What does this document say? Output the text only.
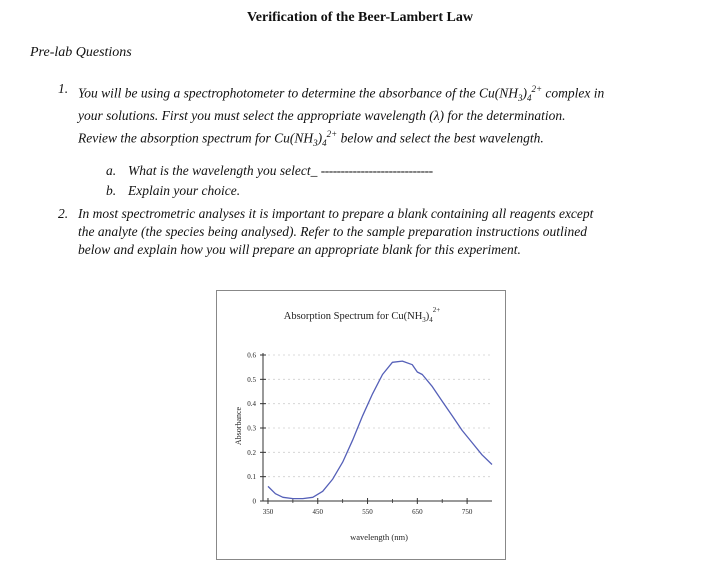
Verification of the Beer-Lambert Law
Pre-lab Questions
1. You will be using a spectrophotometer to determine the absorbance of the $Cu(NH_3)_4^{2+}$ complex in
your solutions. First you must select the appropriate wavelength (λ) for the determination.
Review the absorption spectrum for $Cu(NH_3)_4^{2+}$ below and select the best wavelength.
a. What is the wavelength you select_ ----------------------------
b. Explain your choice.
2. In most spectrometric analyses it is important to prepare a blank containing all reagents except
the analyte (the species being analysed). Refer to the sample preparation instructions outlined
below and explain how you will prepare an appropriate blank for this experiment.
Absorption Spectrum for $Cu(NH_3)_4^{2+}$
0
0.1
0.2
0.3
0.4
0.5
0.6
350	450	550	650	750
Absorbance
wavelength (nm)
